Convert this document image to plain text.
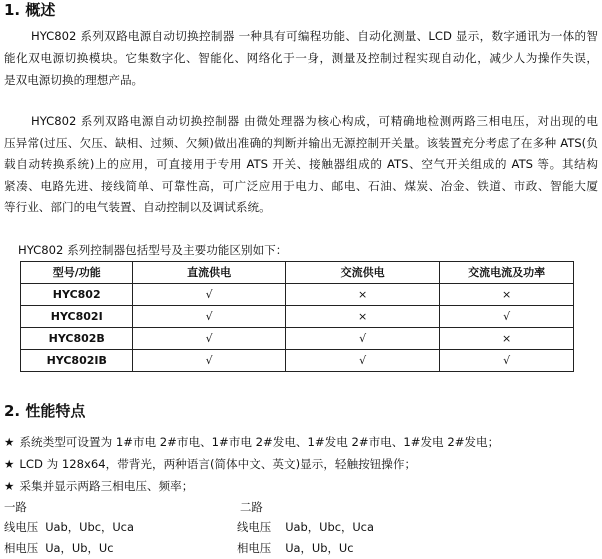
1. 概述
HYC802 系列双路电源自动切换控制器 一种具有可编程功能、自动化测量、LCD 显示，数字通讯为一体的智
能化双电源切换模块。它集数字化、智能化、网络化于一身，测量及控制过程实现自动化，减少人为操作失误，
是双电源切换的理想产品。
HYC802 系列双路电源自动切换控制器 由微处理器为核心构成，可精确地检测两路三相电压，对出现的电
压异常(过压、欠压、缺相、过频、欠频)做出准确的判断并输出无源控制开关量。该装置充分考虑了在多种 ATS(负
载自动转换系统)上的应用，可直接用于专用 ATS 开关、接触器组成的 ATS、空气开关组成的 ATS 等。其结构
紧凑、电路先进、接线简单、可靠性高，可广泛应用于电力、邮电、石油、煤炭、冶金、铁道、市政、智能大厦
等行业、部门的电气装置、自动控制以及调试系统。
HYC802 系列控制器包括型号及主要功能区别如下：
型号/功能	直流供电	交流供电	交流电流及功率
HYC802	√	×	×
HYC802I	√	×	√
HYC802B	√	√	×
HYC802IB	√	√	√
2. 性能特点
★ 系统类型可设置为 1#市电 2#市电、1#市电 2#发电、1#发电 2#市电、1#发电 2#发电；
★ LCD 为 128x64，带背光，两种语言(简体中文、英文)显示，轻触按钮操作；
★ 采集并显示两路三相电压、频率；
一路	二路
线电压 Uab，Ubc，Uca	线电压 Uab，Ubc，Uca
相电压 Ua，Ub，Uc	相电压 Ua，Ub，Uc
